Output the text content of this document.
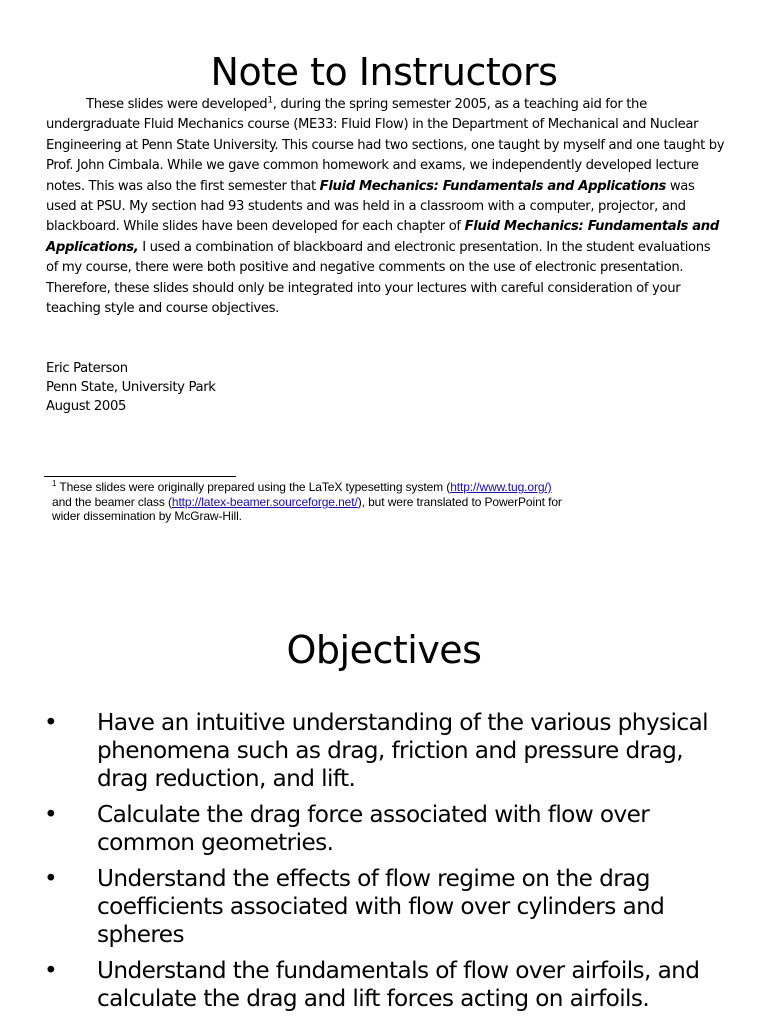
Note to Instructors

These slides were developed$^1$, during the spring semester 2005, as a teaching aid for the undergraduate Fluid Mechanics course (ME33: Fluid Flow) in the Department of Mechanical and Nuclear Engineering at Penn State University. This course had two sections, one taught by myself and one taught by Prof. John Cimbala. While we gave common homework and exams, we independently developed lecture notes. This was also the first semester that Fluid Mechanics: Fundamentals and Applications was used at PSU. My section had 93 students and was held in a classroom with a computer, projector, and blackboard. While slides have been developed for each chapter of Fluid Mechanics: Fundamentals and Applications, I used a combination of blackboard and electronic presentation. In the student evaluations of my course, there were both positive and negative comments on the use of electronic presentation. Therefore, these slides should only be integrated into your lectures with careful consideration of your teaching style and course objectives.

Eric Paterson
Penn State, University Park
August 2005
$^1$ These slides were originally prepared using the LaTeX typesetting system (http://www.tug.org/)
and the beamer class (http://latex-beamer.sourceforge.net/), but were translated to PowerPoint for
wider dissemination by McGraw-Hill.
Objectives
• Have an intuitive understanding of the various physical phenomena such as drag, friction and pressure drag, drag reduction, and lift.
• Calculate the drag force associated with flow over common geometries.
• Understand the effects of flow regime on the drag coefficients associated with flow over cylinders and spheres
• Understand the fundamentals of flow over airfoils, and calculate the drag and lift forces acting on airfoils.
